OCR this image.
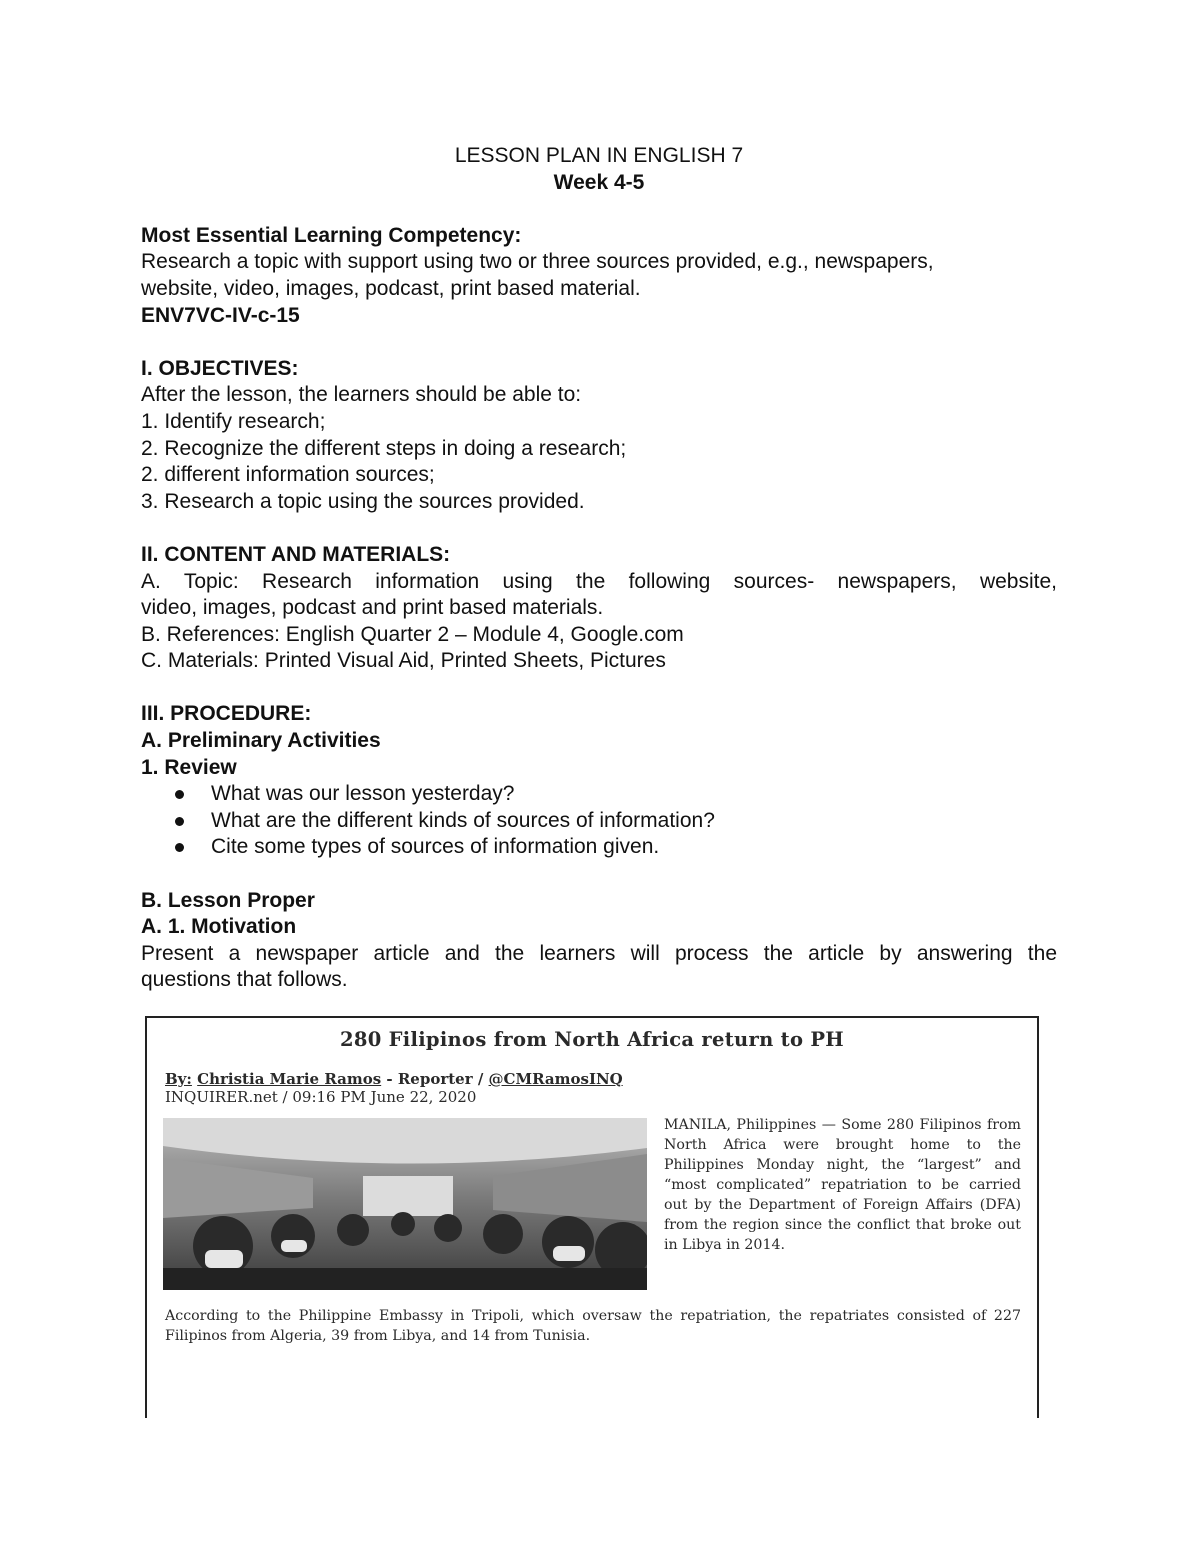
LESSON PLAN IN ENGLISH 7
Week 4-5
Most Essential Learning Competency:
Research a topic with support using two or three sources provided, e.g., newspapers,
website, video, images, podcast, print based material.
ENV7VC-IV-c-15
I. OBJECTIVES:
After the lesson, the learners should be able to:
1. Identify research;
2. Recognize the different steps in doing a research;
2. different information sources;
3. Research a topic using the sources provided.
II. CONTENT AND MATERIALS:
A. Topic: Research information using the following sources- newspapers, website,
video, images, podcast and print based materials.
B. References: English Quarter 2 – Module 4, Google.com
C. Materials: Printed Visual Aid, Printed Sheets, Pictures
III. PROCEDURE:
A. Preliminary Activities
1. Review
What was our lesson yesterday?
What are the different kinds of sources of information?
Cite some types of sources of information given.
B. Lesson Proper
A. 1. Motivation
Present a newspaper article and the learners will process the article by answering the
questions that follows.
280 Filipinos from North Africa return to PH
By: Christia Marie Ramos - Reporter / @CMRamosINQ
INQUIRER.net / 09:16 PM June 22, 2020
MANILA, Philippines — Some 280 Filipinos from North Africa were brought home to the Philippines Monday night, the “largest” and “most complicated” repatriation to be carried out by the Department of Foreign Affairs (DFA) from the region since the conflict that broke out in Libya in 2014.
According to the Philippine Embassy in Tripoli, which oversaw the repatriation, the repatriates consisted of 227 Filipinos from Algeria, 39 from Libya, and 14 from Tunisia.
